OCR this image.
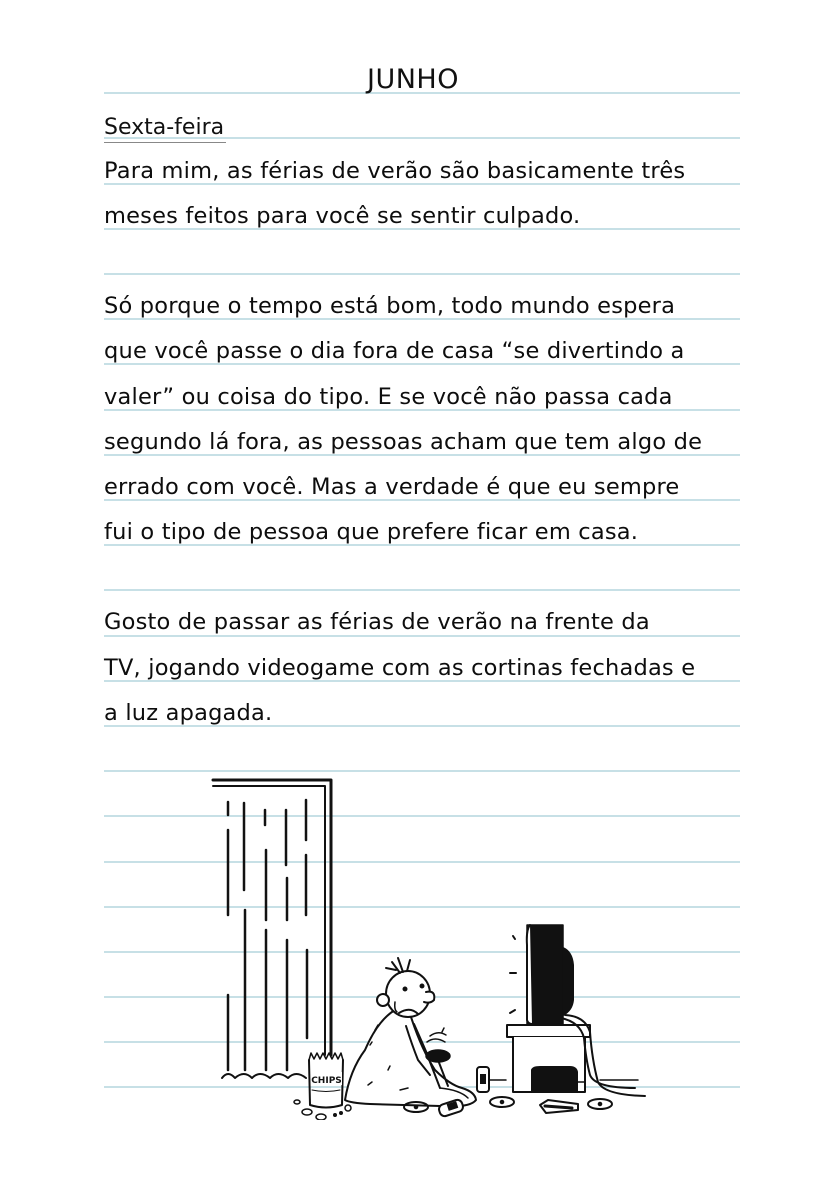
JUNHO
Sexta-feira
Para mim, as férias de verão são basicamente três
meses feitos para você se sentir culpado.
Só porque o tempo está bom, todo mundo espera
que você passe o dia fora de casa “se divertindo a
valer” ou coisa do tipo. E se você não passa cada
segundo lá fora, as pessoas acham que tem algo de
errado com você. Mas a verdade é que eu sempre
fui o tipo de pessoa que prefere ficar em casa.
Gosto de passar as férias de verão na frente da
TV, jogando videogame com as cortinas fechadas e
a luz apagada.
CHIPS
